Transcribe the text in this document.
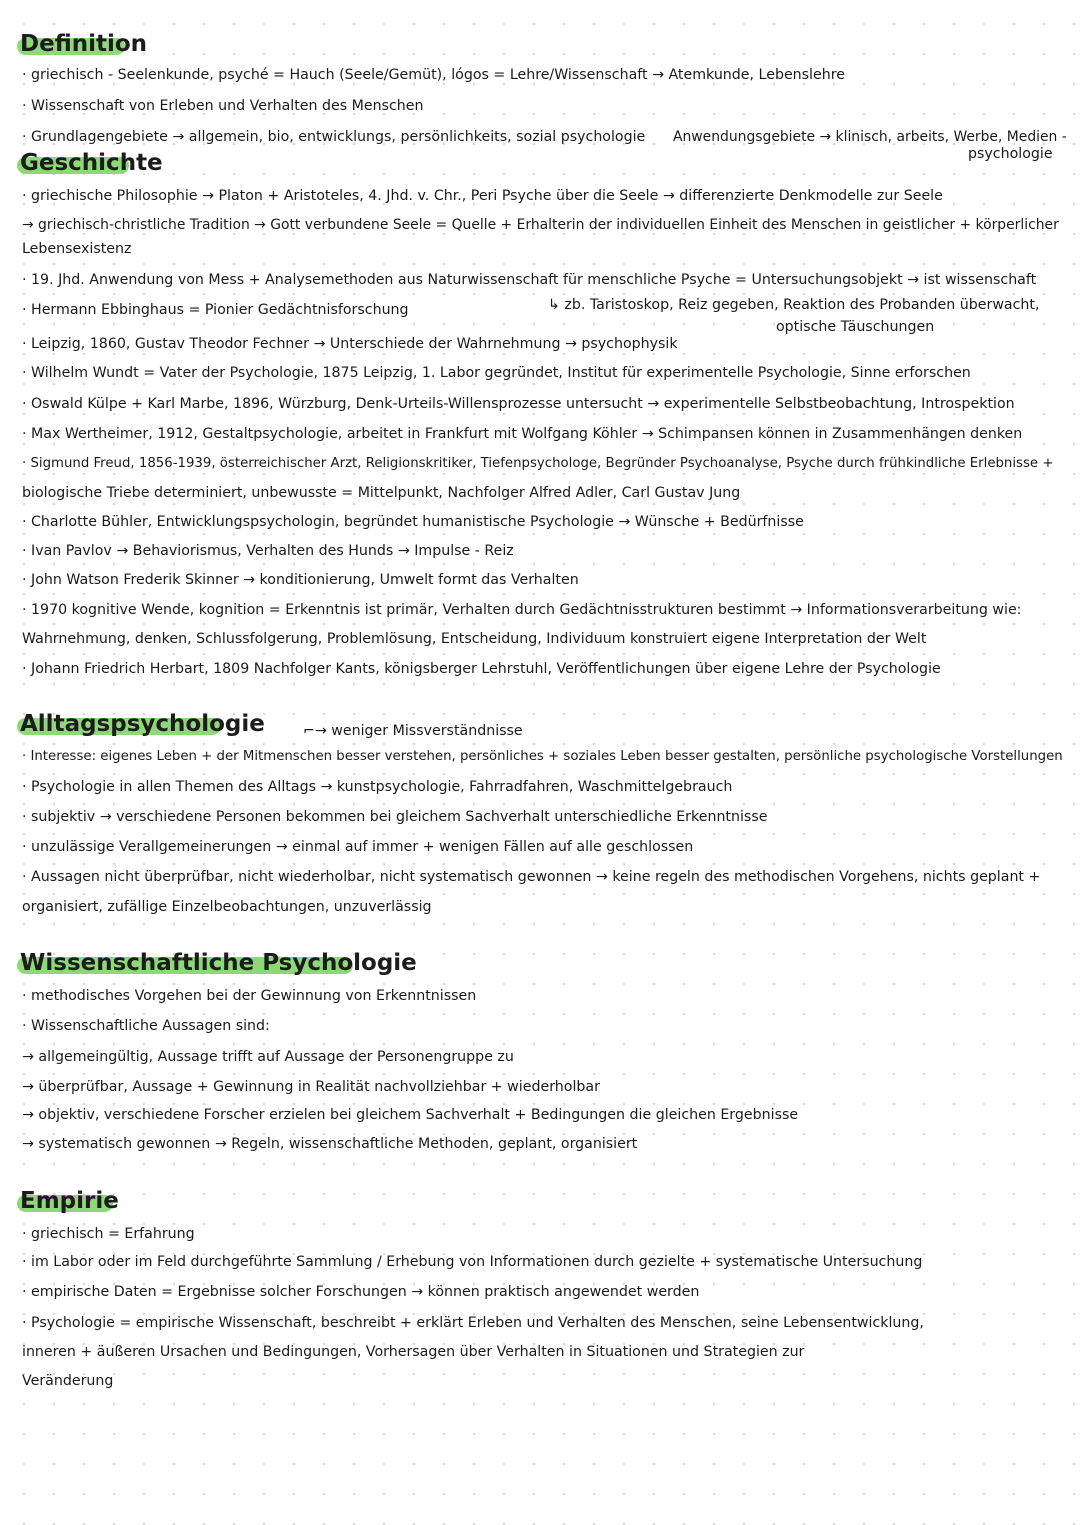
Definition
· griechisch - Seelenkunde, psyché = Hauch (Seele/Gemüt), lógos = Lehre/Wissenschaft → Atemkunde, Lebenslehre
· Wissenschaft von Erleben und Verhalten des Menschen
· Grundlagengebiete → allgemein, bio, entwicklungs, persönlichkeits, sozial psychologie Anwendungsgebiete → klinisch, arbeits, Werbe, Medien -
psychologie
Geschichte
· griechische Philosophie → Platon + Aristoteles, 4. Jhd. v. Chr., Peri Psyche über die Seele → differenzierte Denkmodelle zur Seele
→ griechisch-christliche Tradition → Gott verbundene Seele = Quelle + Erhalterin der individuellen Einheit des Menschen in geistlicher + körperlicher
Lebensexistenz
· 19. Jhd. Anwendung von Mess + Analysemethoden aus Naturwissenschaft für menschliche Psyche = Untersuchungsobjekt → ist wissenschaft
· Hermann Ebbinghaus = Pionier Gedächtnisforschung	↳ zb. Taristoskop, Reiz gegeben, Reaktion des Probanden überwacht,
optische Täuschungen
· Leipzig, 1860, Gustav Theodor Fechner → Unterschiede der Wahrnehmung → psychophysik
· Wilhelm Wundt = Vater der Psychologie, 1875 Leipzig, 1. Labor gegründet, Institut für experimentelle Psychologie, Sinne erforschen
· Oswald Külpe + Karl Marbe, 1896, Würzburg, Denk-Urteils-Willensprozesse untersucht → experimentelle Selbstbeobachtung, Introspektion
· Max Wertheimer, 1912, Gestaltpsychologie, arbeitet in Frankfurt mit Wolfgang Köhler → Schimpansen können in Zusammenhängen denken
· Sigmund Freud, 1856-1939, österreichischer Arzt, Religionskritiker, Tiefenpsychologe, Begründer Psychoanalyse, Psyche durch frühkindliche Erlebnisse +
biologische Triebe determiniert, unbewusste = Mittelpunkt, Nachfolger Alfred Adler, Carl Gustav Jung
· Charlotte Bühler, Entwicklungspsychologin, begründet humanistische Psychologie → Wünsche + Bedürfnisse
· Ivan Pavlov → Behaviorismus, Verhalten des Hunds → Impulse - Reiz
· John Watson Frederik Skinner → konditionierung, Umwelt formt das Verhalten
· 1970 kognitive Wende, kognition = Erkenntnis ist primär, Verhalten durch Gedächtnisstrukturen bestimmt → Informationsverarbeitung wie:
Wahrnehmung, denken, Schlussfolgerung, Problemlösung, Entscheidung, Individuum konstruiert eigene Interpretation der Welt
· Johann Friedrich Herbart, 1809 Nachfolger Kants, königsberger Lehrstuhl, Veröffentlichungen über eigene Lehre der Psychologie
Alltagspsychologie	⌐→ weniger Missverständnisse
· Interesse: eigenes Leben + der Mitmenschen besser verstehen, persönliches + soziales Leben besser gestalten, persönliche psychologische Vorstellungen
· Psychologie in allen Themen des Alltags → kunstpsychologie, Fahrradfahren, Waschmittelgebrauch
· subjektiv → verschiedene Personen bekommen bei gleichem Sachverhalt unterschiedliche Erkenntnisse
· unzulässige Verallgemeinerungen → einmal auf immer + wenigen Fällen auf alle geschlossen
· Aussagen nicht überprüfbar, nicht wiederholbar, nicht systematisch gewonnen → keine regeln des methodischen Vorgehens, nichts geplant +
organisiert, zufällige Einzelbeobachtungen, unzuverlässig
Wissenschaftliche Psychologie
· methodisches Vorgehen bei der Gewinnung von Erkenntnissen
· Wissenschaftliche Aussagen sind:
→ allgemeingültig, Aussage trifft auf Aussage der Personengruppe zu
→ überprüfbar, Aussage + Gewinnung in Realität nachvollziehbar + wiederholbar
→ objektiv, verschiedene Forscher erzielen bei gleichem Sachverhalt + Bedingungen die gleichen Ergebnisse
→ systematisch gewonnen → Regeln, wissenschaftliche Methoden, geplant, organisiert
Empirie
· griechisch = Erfahrung
· im Labor oder im Feld durchgeführte Sammlung / Erhebung von Informationen durch gezielte + systematische Untersuchung
· empirische Daten = Ergebnisse solcher Forschungen → können praktisch angewendet werden
· Psychologie = empirische Wissenschaft, beschreibt + erklärt Erleben und Verhalten des Menschen, seine Lebensentwicklung,
inneren + äußeren Ursachen und Bedingungen, Vorhersagen über Verhalten in Situationen und Strategien zur
Veränderung
